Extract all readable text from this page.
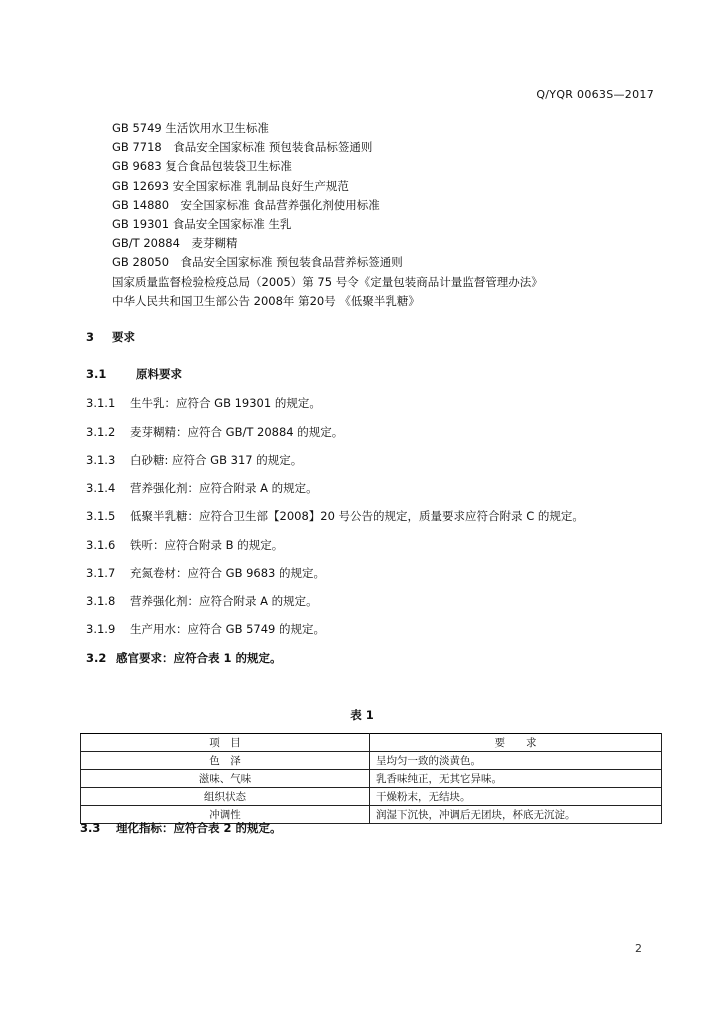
Q/YQR 0063S—2017
GB 5749 生活饮用水卫生标准
GB 7718　食品安全国家标准 预包装食品标签通则
GB 9683 复合食品包装袋卫生标准
GB 12693 安全国家标准 乳制品良好生产规范
GB 14880　安全国家标准 食品营养强化剂使用标准
GB 19301 食品安全国家标准 生乳
GB/T 20884　麦芽糊精
GB 28050　食品安全国家标准 预包装食品营养标签通则
国家质量监督检验检疫总局（2005）第 75 号令《定量包装商品计量监督管理办法》
中华人民共和国卫生部公告 2008年 第20号 《低聚半乳糖》
3 要求
3.1	原料要求
3.1.1 生牛乳：应符合 GB 19301 的规定。
3.1.2 麦芽糊精：应符合 GB/T 20884 的规定。
3.1.3 白砂糖: 应符合 GB 317 的规定。
3.1.4 营养强化剂：应符合附录 A 的规定。
3.1.5 低聚半乳糖：应符合卫生部【2008】20 号公告的规定，质量要求应符合附录 C 的规定。
3.1.6 铁听：应符合附录 B 的规定。
3.1.7 充氮卷材：应符合 GB 9683 的规定。
3.1.8 营养强化剂：应符合附录 A 的规定。
3.1.9 生产用水：应符合 GB 5749 的规定。
3.2 感官要求：应符合表 1 的规定。
表 1
项　目	要　　求
色　泽	呈均匀一致的淡黄色。
滋味、气味	乳香味纯正，无其它异味。
组织状态	干燥粉末，无结块。
冲调性	润湿下沉快，冲调后无团块，杯底无沉淀。
3.3 理化指标：应符合表 2 的规定。
2
